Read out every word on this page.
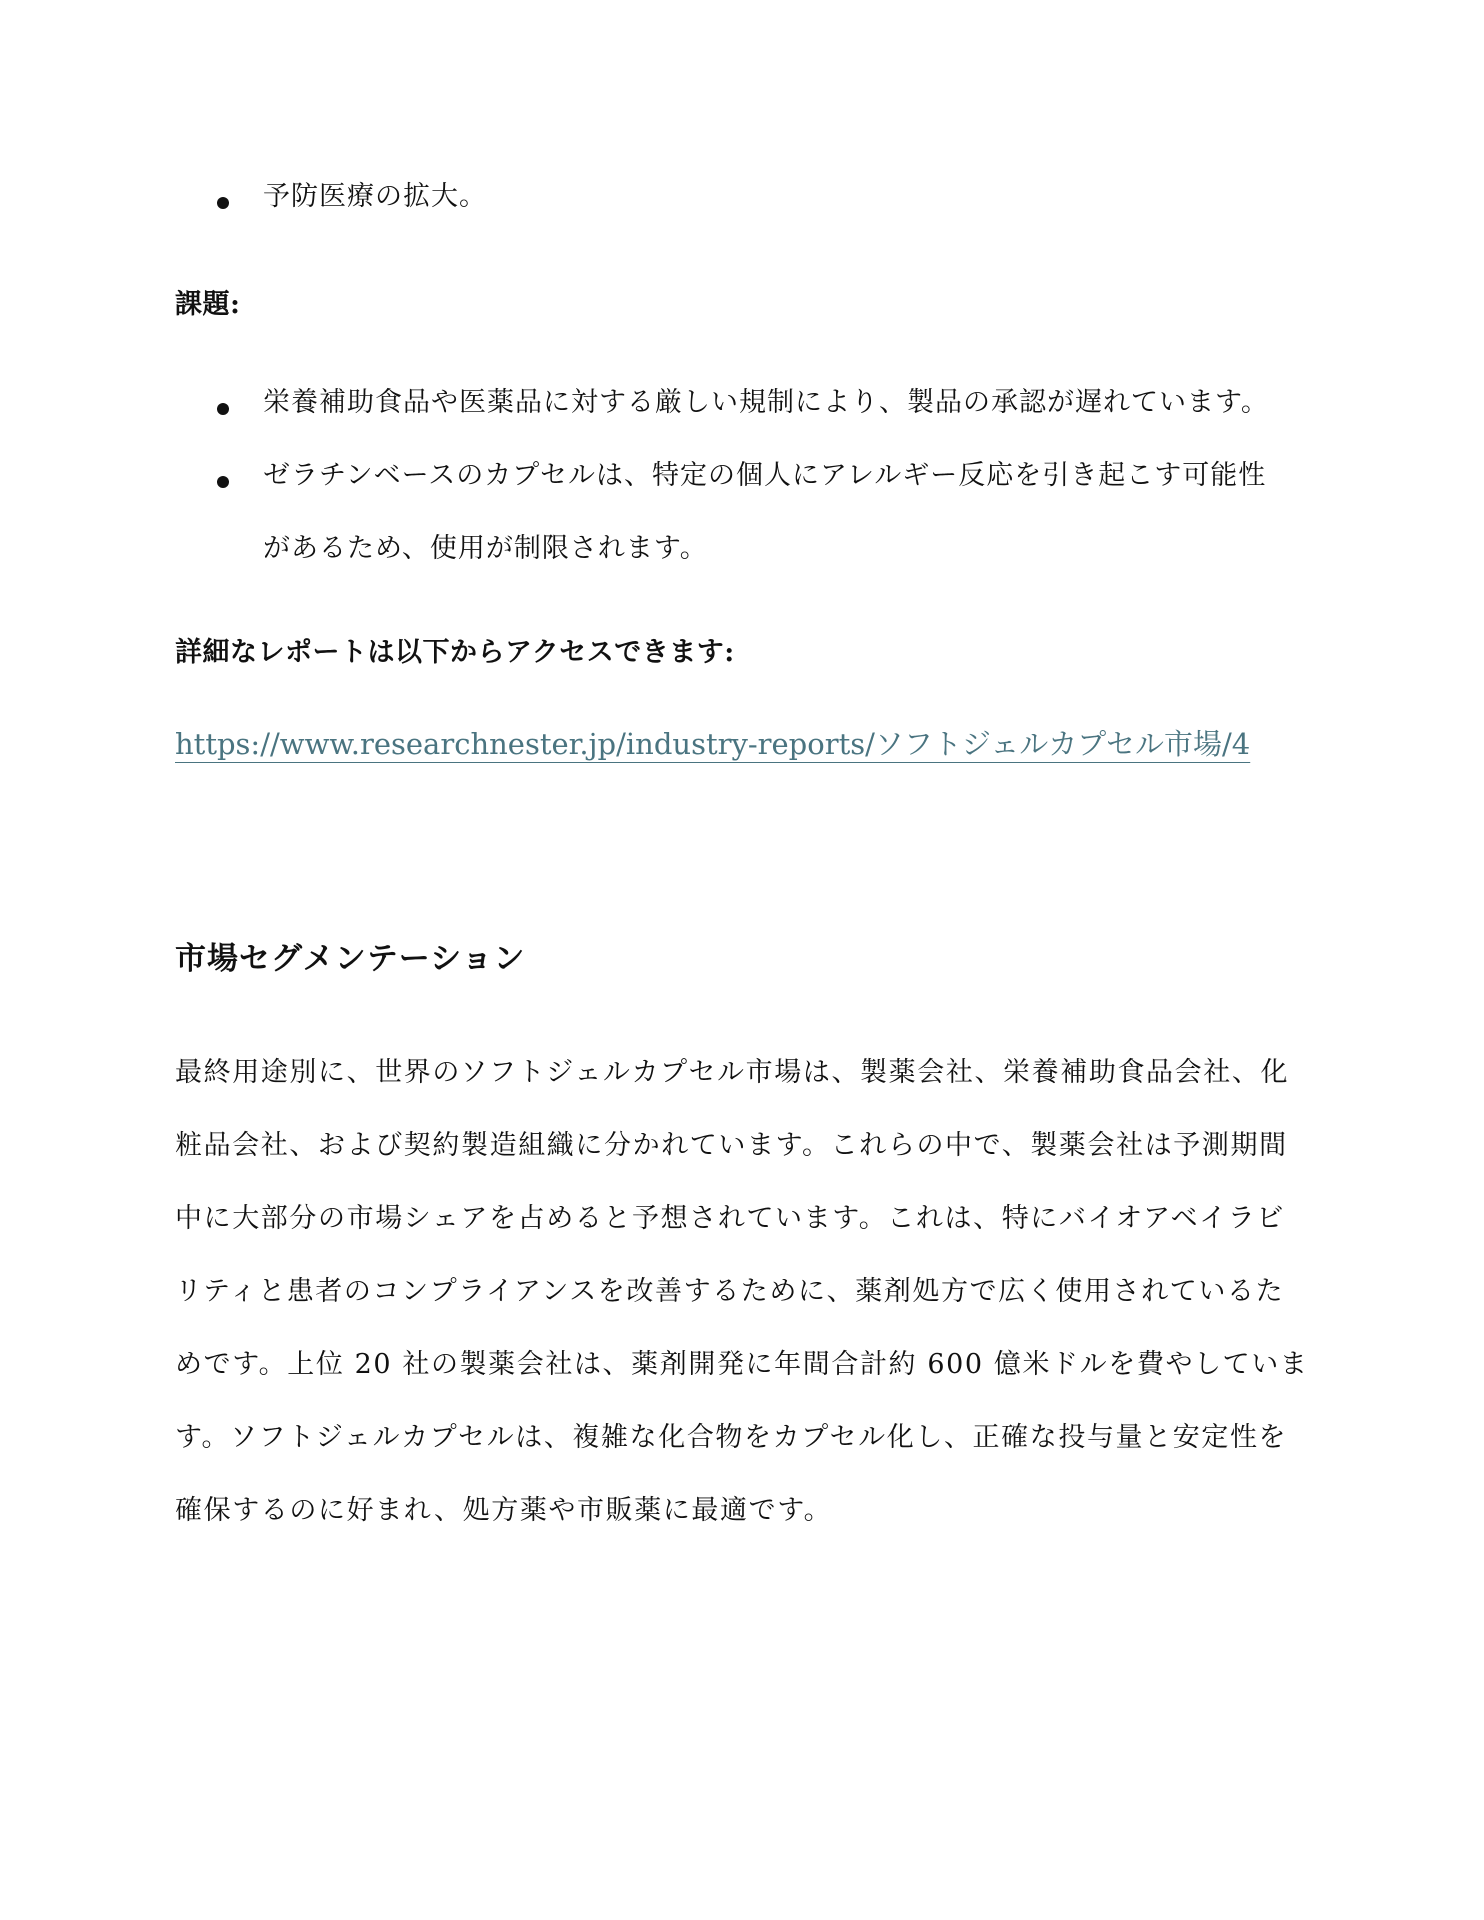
予防医療の拡大。
課題:
栄養補助食品や医薬品に対する厳しい規制により、製品の承認が遅れています。
ゼラチンベースのカプセルは、特定の個人にアレルギー反応を引き起こす可能性
があるため、使用が制限されます。
詳細なレポートは以下からアクセスできます:
https://www.researchnester.jp/industry-reports/ソフトジェルカプセル市場/4
市場セグメンテーション
最終用途別に、世界のソフトジェルカプセル市場は、製薬会社、栄養補助食品会社、化
粧品会社、および契約製造組織に分かれています。これらの中で、製薬会社は予測期間
中に大部分の市場シェアを占めると予想されています。これは、特にバイオアベイラビ
リティと患者のコンプライアンスを改善するために、薬剤処方で広く使用されているた
めです。上位 20 社の製薬会社は、薬剤開発に年間合計約 600 億米ドルを費やしていま
す。ソフトジェルカプセルは、複雑な化合物をカプセル化し、正確な投与量と安定性を
確保するのに好まれ、処方薬や市販薬に最適です。
